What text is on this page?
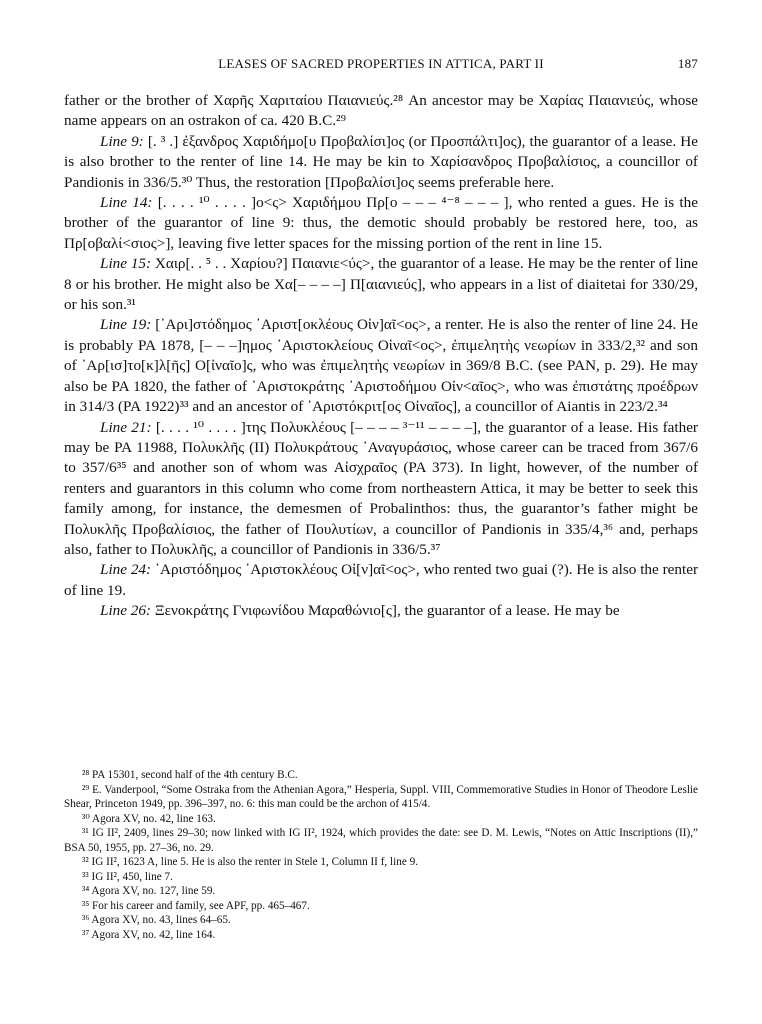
LEASES OF SACRED PROPERTIES IN ATTICA, PART II	187

father or the brother of Χαρῆς Χαριταίου Παιανιεύς.²⁸ An ancestor may be Χαρίας Παιανιεύς, whose name appears on an ostrakon of ca. 420 B.C.²⁹

Line 9: [. ³ .] ἐξανδρος Χαριδήμο[υ Προβαλίσι]ος (or Προσπάλτι]ος), the guarantor of a lease. He is also brother to the renter of line 14. He may be kin to Χαρίσανδρος Προβαλίσιος, a councillor of Pandionis in 336/5.³⁰ Thus, the restoration [Προβαλίσι]ος seems preferable here.

Line 14: [. . . . ¹⁰ . . . . ]ο<ς> Χαριδήμου Πρ[ο – – – ⁴⁻⁸ – – – ], who rented a gues. He is the brother of the guarantor of line 9: thus, the demotic should probably be restored here, too, as Πρ[οβαλί<σιος>], leaving five letter spaces for the missing portion of the rent in line 15.

Line 15: Χαιρ[. . ⁵ . . Χαρίου?] Παιανιε<ύς>, the guarantor of a lease. He may be the renter of line 8 or his brother. He might also be Χα[– – – –] Π[αιανιεύς], who appears in a list of diaitetai for 330/29, or his son.³¹

Line 19: [᾿Αρι]στόδημος ᾿Αριστ[οκλέους Οἰν]αῖ<ος>, a renter. He is also the renter of line 24. He is probably PA 1878, [– – –]ημος ᾿Αριστοκλείους Οἰναῖ<ος>, ἐπιμελητὴς νεωρίων in 333/2,³² and son of ᾿Αρ[ισ]το[κ]λ[ῆς] Ο[ἰναῖο]ς, who was ἐπιμελητὴς νεωρίων in 369/8 B.C. (see PAN, p. 29). He may also be PA 1820, the father of ᾿Αριστοκράτης ᾿Αριστοδήμου Οἰν<αῖος>, who was ἐπιστάτης προέδρων in 314/3 (PA 1922)³³ and an ancestor of ᾿Αριστόκριτ[ος Οἰναῖος], a councillor of Aiantis in 223/2.³⁴

Line 21: [. . . . ¹⁰ . . . . ]της Πολυκλέους [– – – – ³⁻¹¹ – – – –], the guarantor of a lease. His father may be PA 11988, Πολυκλῆς (II) Πολυκράτους ᾿Αναγυράσιος, whose career can be traced from 367/6 to 357/6³⁵ and another son of whom was Αἰσχραῖος (PA 373). In light, however, of the number of renters and guarantors in this column who come from northeastern Attica, it may be better to seek this family among, for instance, the demesmen of Probalinthos: thus, the guarantor’s father might be Πολυκλῆς Προβαλίσιος, the father of Πουλυτίων, a councillor of Pandionis in 335/4,³⁶ and, perhaps also, father to Πολυκλῆς, a councillor of Pandionis in 336/5.³⁷

Line 24: ᾿Αριστόδημος ᾿Αριστοκλέους Οἰ[ν]αῖ<ος>, who rented two guai (?). He is also the renter of line 19.

Line 26: Ξενοκράτης Γνιφωνίδου Μαραθώνιο[ς], the guarantor of a lease. He may be

²⁸ PA 15301, second half of the 4th century B.C.

²⁹ E. Vanderpool, “Some Ostraka from the Athenian Agora,” Hesperia, Suppl. VIII, Commemorative Studies in Honor of Theodore Leslie Shear, Princeton 1949, pp. 396–397, no. 6: this man could be the archon of 415/4.

³⁰ Agora XV, no. 42, line 163.

³¹ IG II², 2409, lines 29–30; now linked with IG II², 1924, which provides the date: see D. M. Lewis, “Notes on Attic Inscriptions (II),” BSA 50, 1955, pp. 27–36, no. 29.

³² IG II², 1623 A, line 5. He is also the renter in Stele 1, Column II f, line 9.

³³ IG II², 450, line 7.

³⁴ Agora XV, no. 127, line 59.

³⁵ For his career and family, see APF, pp. 465–467.

³⁶ Agora XV, no. 43, lines 64–65.

³⁷ Agora XV, no. 42, line 164.
